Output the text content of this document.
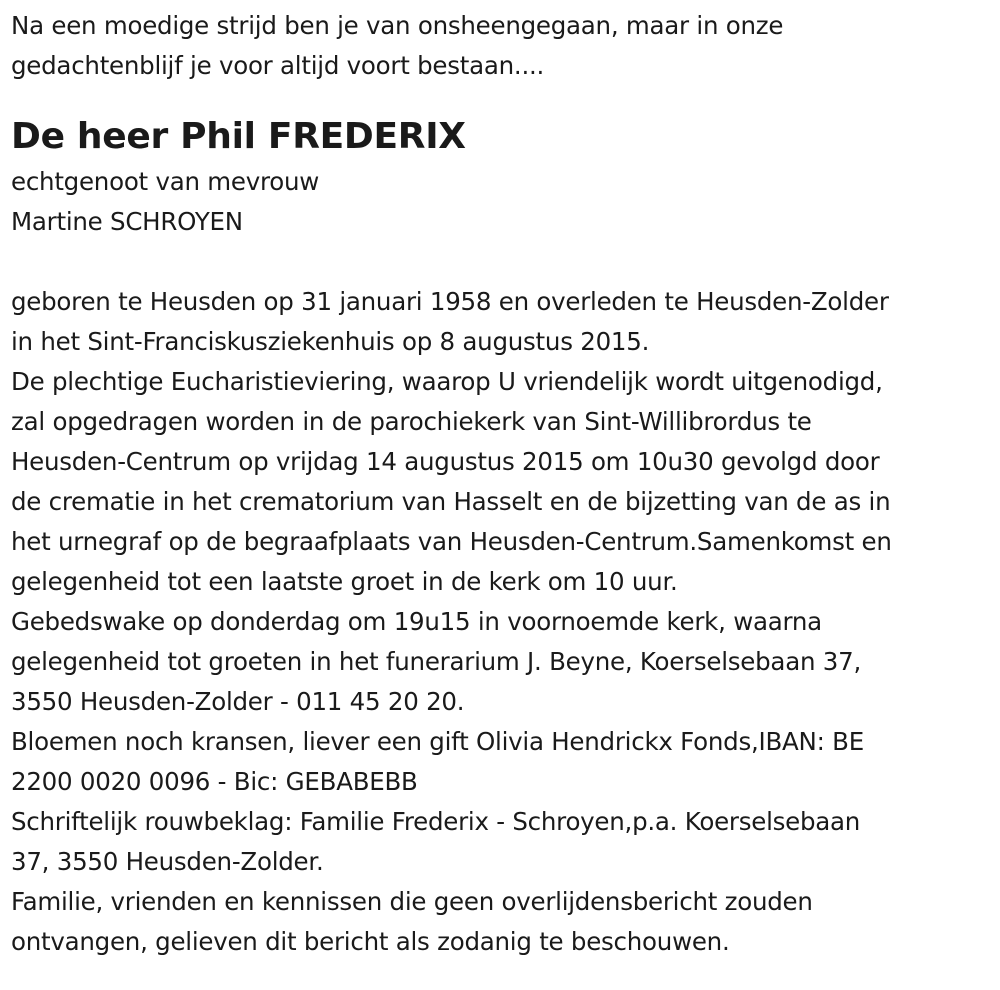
Na een moedige strijd ben je van onsheengegaan, maar in onze

gedachtenblijf je voor altijd voort bestaan....

De heer Phil FREDERIX

echtgenoot van mevrouw

Martine SCHROYEN

geboren te Heusden op 31 januari 1958 en overleden te Heusden-Zolder

in het Sint-Franciskusziekenhuis op 8 augustus 2015.

De plechtige Eucharistieviering, waarop U vriendelijk wordt uitgenodigd,

zal opgedragen worden in de parochiekerk van Sint-Willibrordus te

Heusden-Centrum op vrijdag 14 augustus 2015 om 10u30 gevolgd door

de crematie in het crematorium van Hasselt en de bijzetting van de as in

het urnegraf op de begraafplaats van Heusden-Centrum.Samenkomst en

gelegenheid tot een laatste groet in de kerk om 10 uur.

Gebedswake op donderdag om 19u15 in voornoemde kerk, waarna

gelegenheid tot groeten in het funerarium J. Beyne, Koerselsebaan 37,

3550 Heusden-Zolder - 011 45 20 20.

Bloemen noch kransen, liever een gift Olivia Hendrickx Fonds,IBAN: BE

2200 0020 0096 - Bic: GEBABEBB

Schriftelijk rouwbeklag: Familie Frederix - Schroyen,p.a. Koerselsebaan

37, 3550 Heusden-Zolder.

Familie, vrienden en kennissen die geen overlijdensbericht zouden

ontvangen, gelieven dit bericht als zodanig te beschouwen.
